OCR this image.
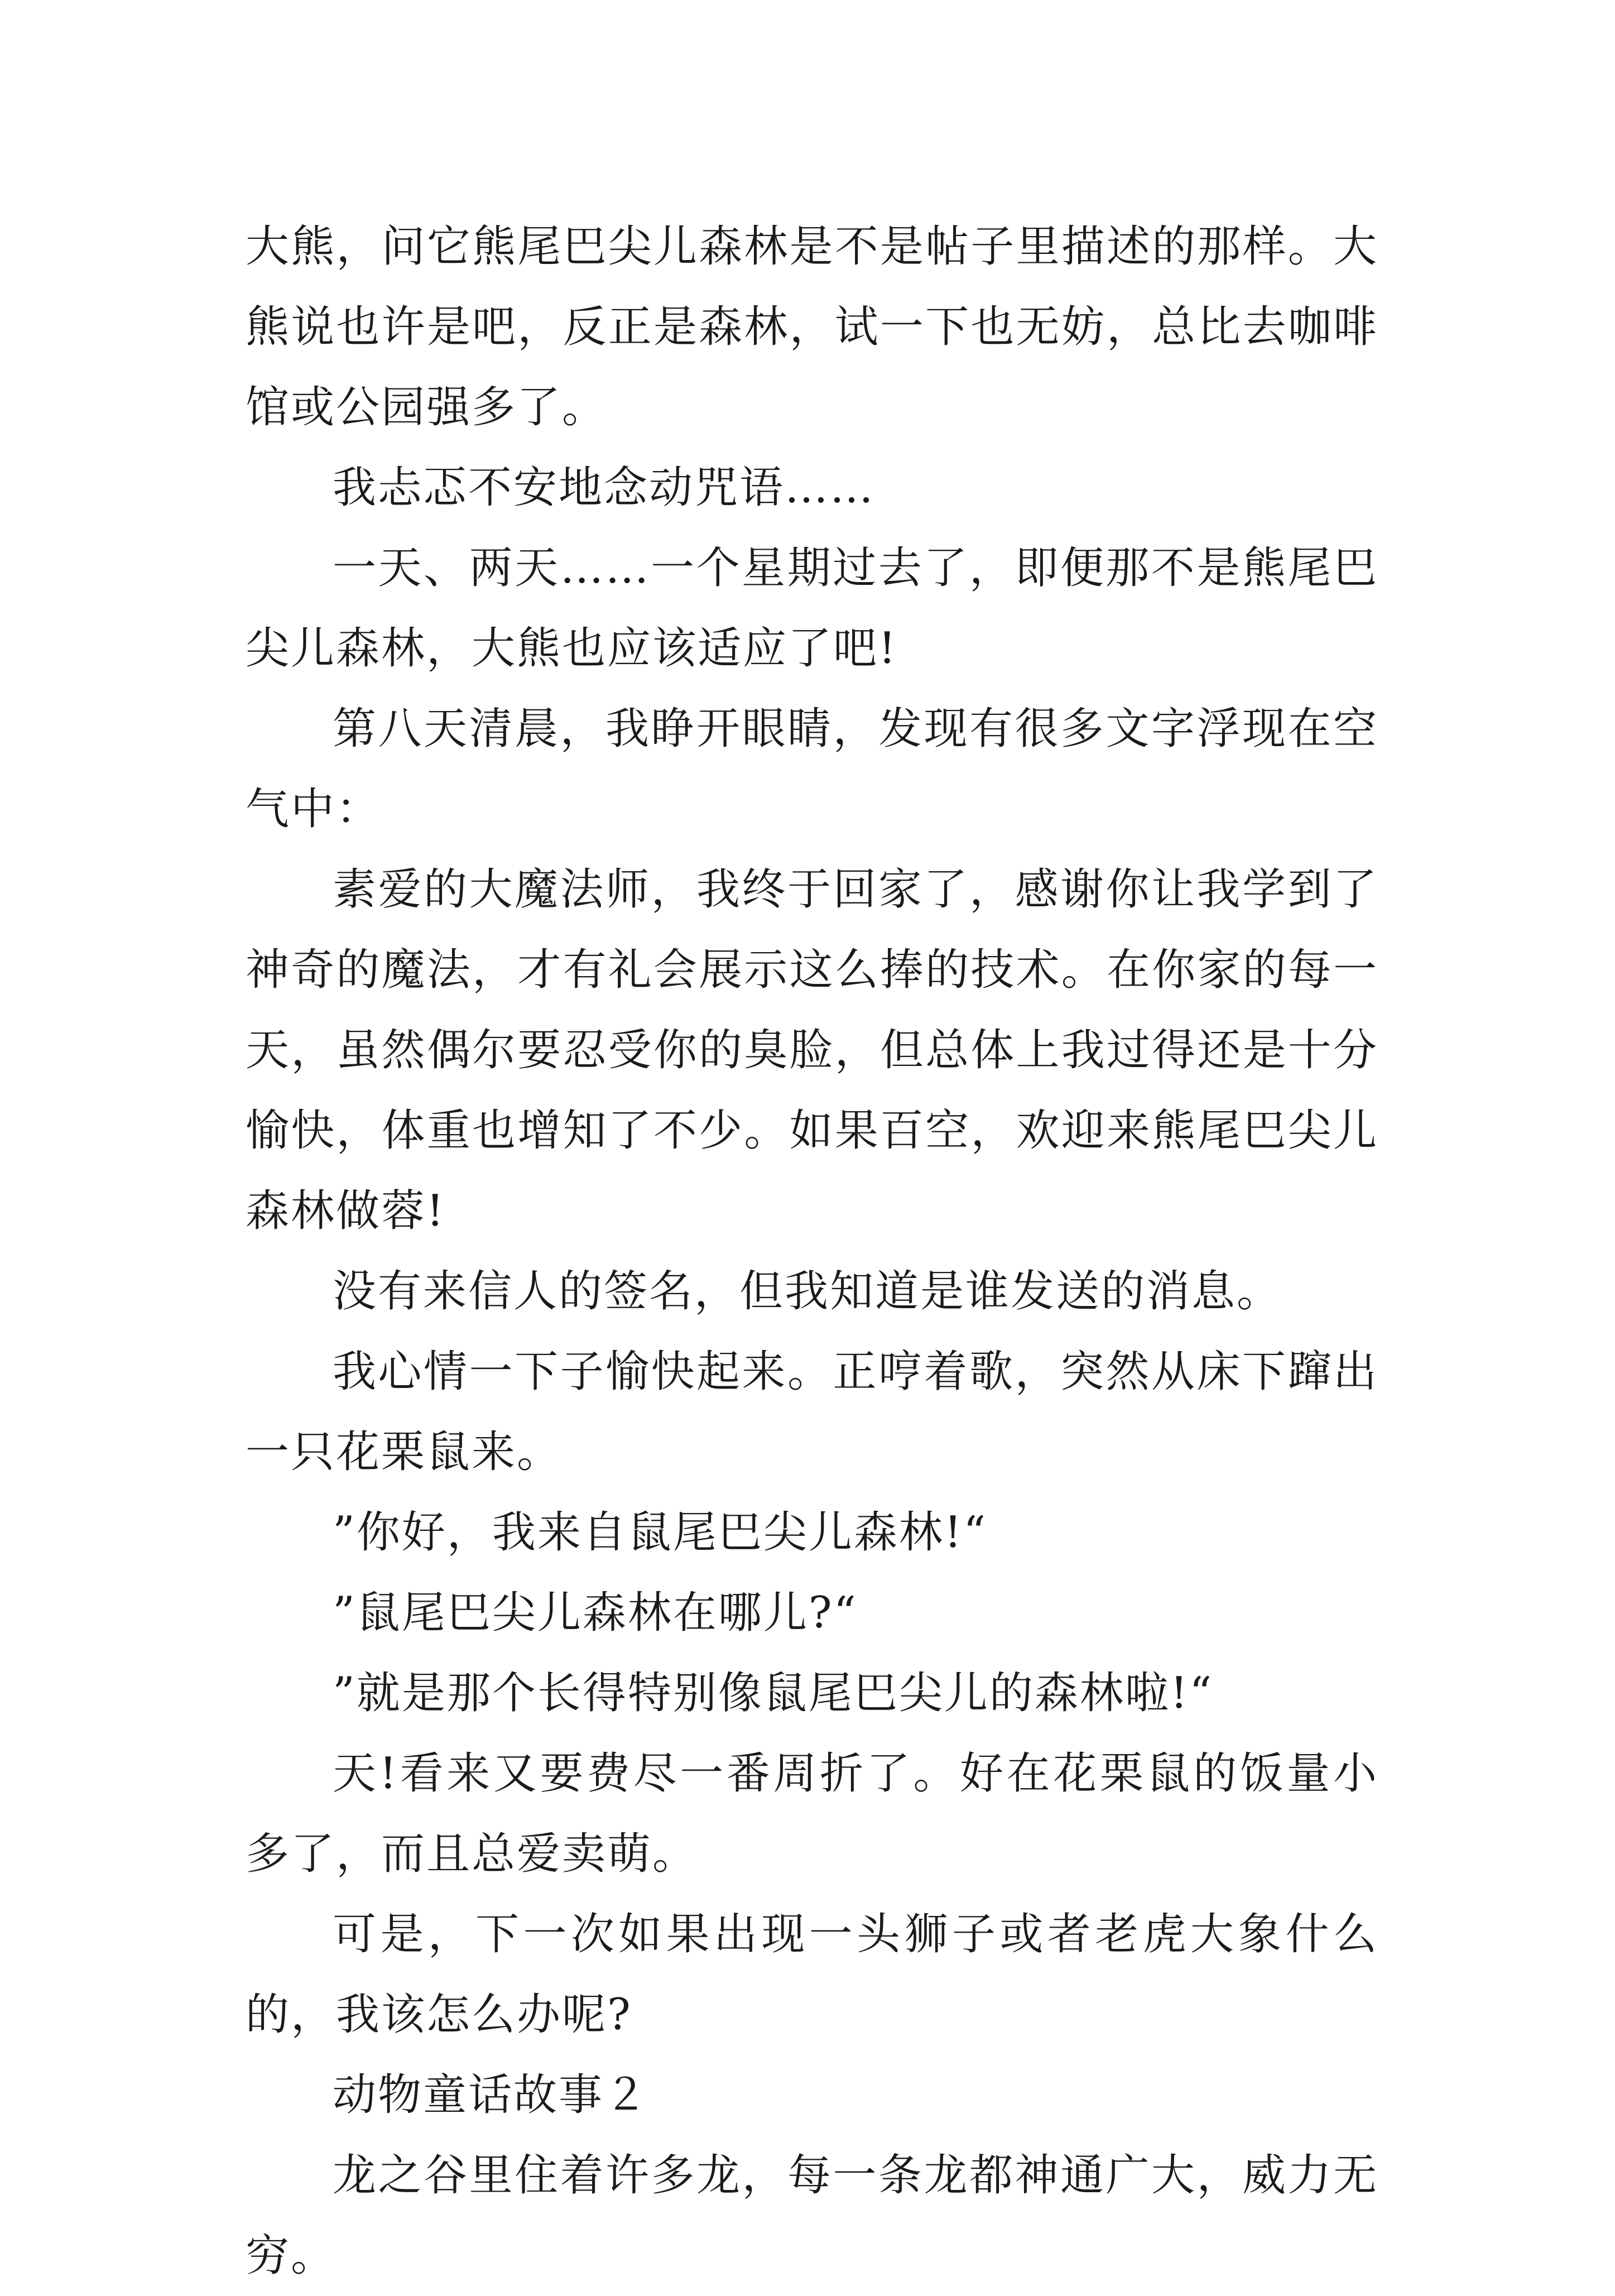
大熊，问它熊尾巴尖儿森林是不是帖子里描述的那样。大熊说也许是吧，反正是森林，试一下也无妨，总比去咖啡馆或公园强多了。

我忐忑不安地念动咒语……

一天、两天……一个星期过去了，即便那不是熊尾巴尖儿森林，大熊也应该适应了吧!

第八天清晨，我睁开眼睛，发现有很多文字浮现在空气中：

素爱的大魔法师，我终于回家了，感谢你让我学到了神奇的魔法，才有礼会展示这么捧的技术。在你家的每一天，虽然偶尔要忍受你的臭脸，但总体上我过得还是十分愉快，体重也增知了不少。如果百空，欢迎来熊尾巴尖儿森林做蓉!

没有来信人的签名，但我知道是谁发送的消息。

我心情一下子愉快起来。正哼着歌，突然从床下蹿出一只花栗鼠来。

”你好，我来自鼠尾巴尖儿森林!“

”鼠尾巴尖儿森林在哪儿?“

”就是那个长得特别像鼠尾巴尖儿的森林啦!“

天!看来又要费尽一番周折了。好在花栗鼠的饭量小多了，而且总爱卖萌。

可是，下一次如果出现一头狮子或者老虎大象什么的，我该怎么办呢?

动物童话故事２

龙之谷里住着许多龙，每一条龙都神通广大，威力无穷。
